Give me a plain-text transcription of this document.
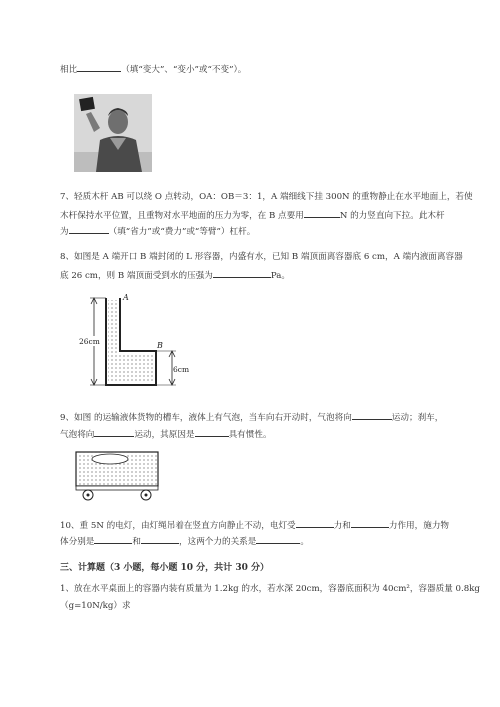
相比	（填“变大”、“变小”或“不变”）。
7、轻质木杆 AB 可以绕 O 点转动，OA：OB＝3：1，A 端细线下挂 300N 的重物静止在水平地面上，若使
木杆保持水平位置，且重物对水平地面的压力为零，在 B 点要用	N 的力竖直向下拉。此木杆
为	（填“省力”或“费力”或“等臂”）杠杆。
8、如图是 A 端开口 B 端封闭的 L 形容器，内盛有水，已知 B 端顶面离容器底 6 cm，A 端内液面离容器
底 26 cm，则 B 端顶面受到水的压强为	Pa。
26cm
A
B
6cm
9、如图 的运输液体货物的槽车，液体上有气泡，当车向右开动时，气泡将向	运动；刹车，
气泡将向	运动，其原因是	具有惯性。
10、重 5N 的电灯，由灯绳吊着在竖直方向静止不动，电灯受	力和	力作用，施力物
体分别是	和	，这两个力的关系是	。
三、计算题（3 小题，每小题 10 分，共计 30 分）
1、放在水平桌面上的容器内装有质量为 1.2kg 的水，若水深 20cm，容器底面积为 40cm²，容器质量 0.8kg
（g=10N/kg）求
